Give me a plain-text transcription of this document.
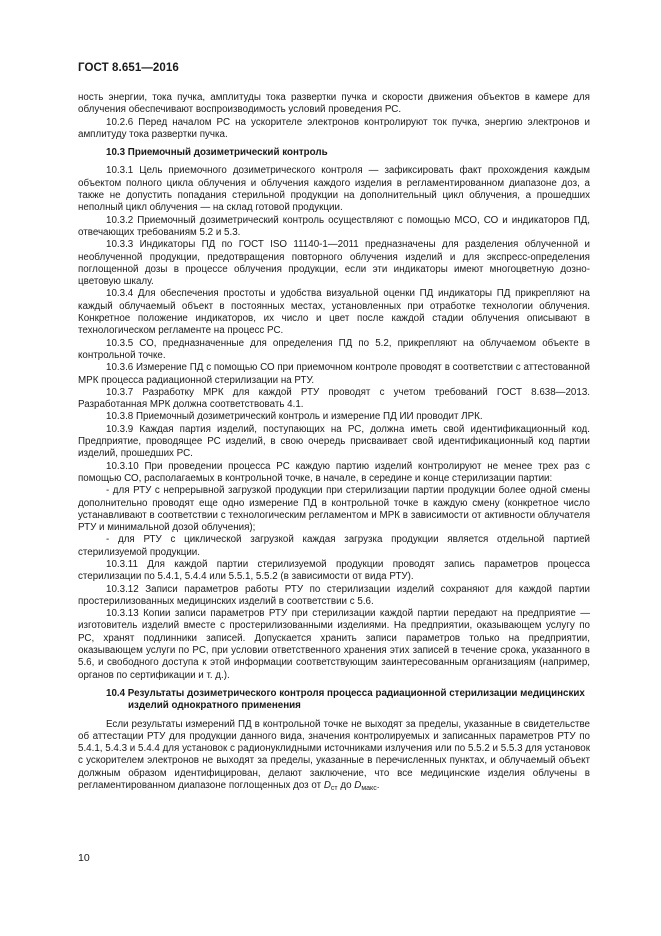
ГОСТ 8.651—2016

ность энергии, тока пучка, амплитуды тока развертки пучка и скорости движения объектов в камере для облучения обеспечивают воспроизводимость условий проведения РС.

10.2.6 Перед началом РС на ускорителе электронов контролируют ток пучка, энергию электронов и амплитуду тока развертки пучка.

10.3 Приемочный дозиметрический контроль

10.3.1 Цель приемочного дозиметрического контроля — зафиксировать факт прохождения каждым объектом полного цикла облучения и облучения каждого изделия в регламентированном диапазоне доз, а также не допустить попадания стерильной продукции на дополнительный цикл облучения, а прошедших неполный цикл облучения — на склад готовой продукции.

10.3.2 Приемочный дозиметрический контроль осуществляют с помощью МСО, СО и индикаторов ПД, отвечающих требованиям 5.2 и 5.3.

10.3.3 Индикаторы ПД по ГОСТ ISO 11140-1—2011 предназначены для разделения облученной и необлученной продукции, предотвращения повторного облучения изделий и для экспресс-определения поглощенной дозы в процессе облучения продукции, если эти индикаторы имеют многоцветную дозно-цветовую шкалу.

10.3.4 Для обеспечения простоты и удобства визуальной оценки ПД индикаторы ПД прикрепляют на каждый облучаемый объект в постоянных местах, установленных при отработке технологии облучения. Конкретное положение индикаторов, их число и цвет после каждой стадии облучения описывают в технологическом регламенте на процесс РС.

10.3.5 СО, предназначенные для определения ПД по 5.2, прикрепляют на облучаемом объекте в контрольной точке.

10.3.6 Измерение ПД с помощью СО при приемочном контроле проводят в соответствии с аттестованной МРК процесса радиационной стерилизации на РТУ.

10.3.7 Разработку МРК для каждой РТУ проводят с учетом требований ГОСТ 8.638—2013. Разработанная МРК должна соответствовать 4.1.

10.3.8 Приемочный дозиметрический контроль и измерение ПД ИИ проводит ЛРК.

10.3.9 Каждая партия изделий, поступающих на РС, должна иметь свой идентификационный код. Предприятие, проводящее РС изделий, в свою очередь присваивает свой идентификационный код партии изделий, прошедших РС.

10.3.10 При проведении процесса РС каждую партию изделий контролируют не менее трех раз с помощью СО, располагаемых в контрольной точке, в начале, в середине и конце стерилизации партии:

- для РТУ с непрерывной загрузкой продукции при стерилизации партии продукции более одной смены дополнительно проводят еще одно измерение ПД в контрольной точке в каждую смену (конкретное число устанавливают в соответствии с технологическим регламентом и МРК в зависимости от активности облучателя РТУ и минимальной дозой облучения);

- для РТУ с циклической загрузкой каждая загрузка продукции является отдельной партией стерилизуемой продукции.

10.3.11 Для каждой партии стерилизуемой продукции проводят запись параметров процесса стерилизации по 5.4.1, 5.4.4 или 5.5.1, 5.5.2 (в зависимости от вида РТУ).

10.3.12 Записи параметров работы РТУ по стерилизации изделий сохраняют для каждой партии простерилизованных медицинских изделий в соответствии с 5.6.

10.3.13 Копии записи параметров РТУ при стерилизации каждой партии передают на предприятие — изготовитель изделий вместе с простерилизованными изделиями. На предприятии, оказывающем услугу по РС, хранят подлинники записей. Допускается хранить записи параметров только на предприятии, оказывающем услуги по РС, при условии ответственного хранения этих записей в течение срока, указанного в 5.6, и свободного доступа к этой информации соответствующим заинтересованным организациям (например, органов по сертификации и т. д.).

10.4 Результаты дозиметрического контроля процесса радиационной стерилизации медицинских изделий однократного применения

Если результаты измерений ПД в контрольной точке не выходят за пределы, указанные в свидетельстве об аттестации РТУ для продукции данного вида, значения контролируемых и записанных параметров РТУ по 5.4.1, 5.4.3 и 5.4.4 для установок с радионуклидными источниками излучения или по 5.5.2 и 5.5.3 для установок с ускорителем электронов не выходят за пределы, указанные в перечисленных пунктах, и облучаемый объект должным образом идентифицирован, делают заключение, что все медицинские изделия облучены в регламентированном диапазоне поглощенных доз от $D_{ст}$ до $D_{макс}$.

10
